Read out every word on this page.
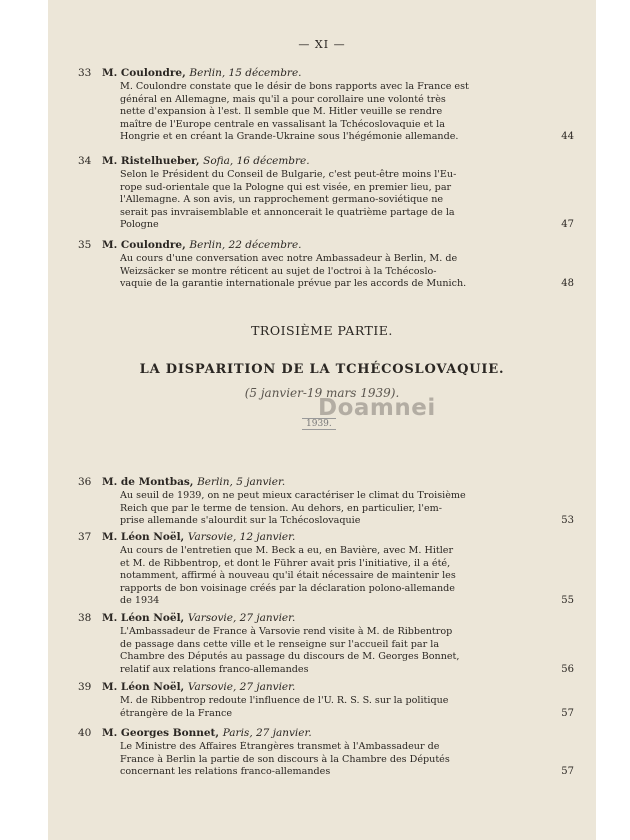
— XI —
TROISIÈME PARTIE.
LA DISPARITION DE LA TCHÉCOSLOVAQUIE.
(5 janvier-19 mars 1939).
Doamnei
1939.
33 M. Coulondre, Berlin, 15 décembre.
M. Coulondre constate que le désir de bons rapports avec la France est
général en Allemagne, mais qu'il a pour corollaire une volonté très
nette d'expansion à l'est. Il semble que M. Hitler veuille se rendre
maître de l'Europe centrale en vassalisant la Tchécoslovaquie et la
Hongrie et en créant la Grande-Ukraine sous l'hégémonie allemande.	44
34 M. Ristelhueber, Sofia, 16 décembre.
Selon le Président du Conseil de Bulgarie, c'est peut-être moins l'Eu-
rope sud-orientale que la Pologne qui est visée, en premier lieu, par
l'Allemagne. A son avis, un rapprochement germano-soviétique ne
serait pas invraisemblable et annoncerait le quatrième partage de la
Pologne	47
35 M. Coulondre, Berlin, 22 décembre.
Au cours d'une conversation avec notre Ambassadeur à Berlin, M. de
Weizsäcker se montre réticent au sujet de l'octroi à la Tchécoslo-
vaquie de la garantie internationale prévue par les accords de Munich.	48
36 M. de Montbas, Berlin, 5 janvier.
Au seuil de 1939, on ne peut mieux caractériser le climat du Troisième
Reich que par le terme de tension. Au dehors, en particulier, l'em-
prise allemande s'alourdit sur la Tchécoslovaquie	53
37 M. Léon Noël, Varsovie, 12 janvier.
Au cours de l'entretien que M. Beck a eu, en Bavière, avec M. Hitler
et M. de Ribbentrop, et dont le Führer avait pris l'initiative, il a été,
notamment, affirmé à nouveau qu'il était nécessaire de maintenir les
rapports de bon voisinage créés par la déclaration polono-allemande
de 1934	55
38 M. Léon Noël, Varsovie, 27 janvier.
L'Ambassadeur de France à Varsovie rend visite à M. de Ribbentrop
de passage dans cette ville et le renseigne sur l'accueil fait par la
Chambre des Députés au passage du discours de M. Georges Bonnet,
relatif aux relations franco-allemandes	56
39 M. Léon Noël, Varsovie, 27 janvier.
M. de Ribbentrop redoute l'influence de l'U. R. S. S. sur la politique
étrangère de la France	57
40 M. Georges Bonnet, Paris, 27 janvier.
Le Ministre des Affaires Étrangères transmet à l'Ambassadeur de
France à Berlin la partie de son discours à la Chambre des Députés
concernant les relations franco-allemandes	57
